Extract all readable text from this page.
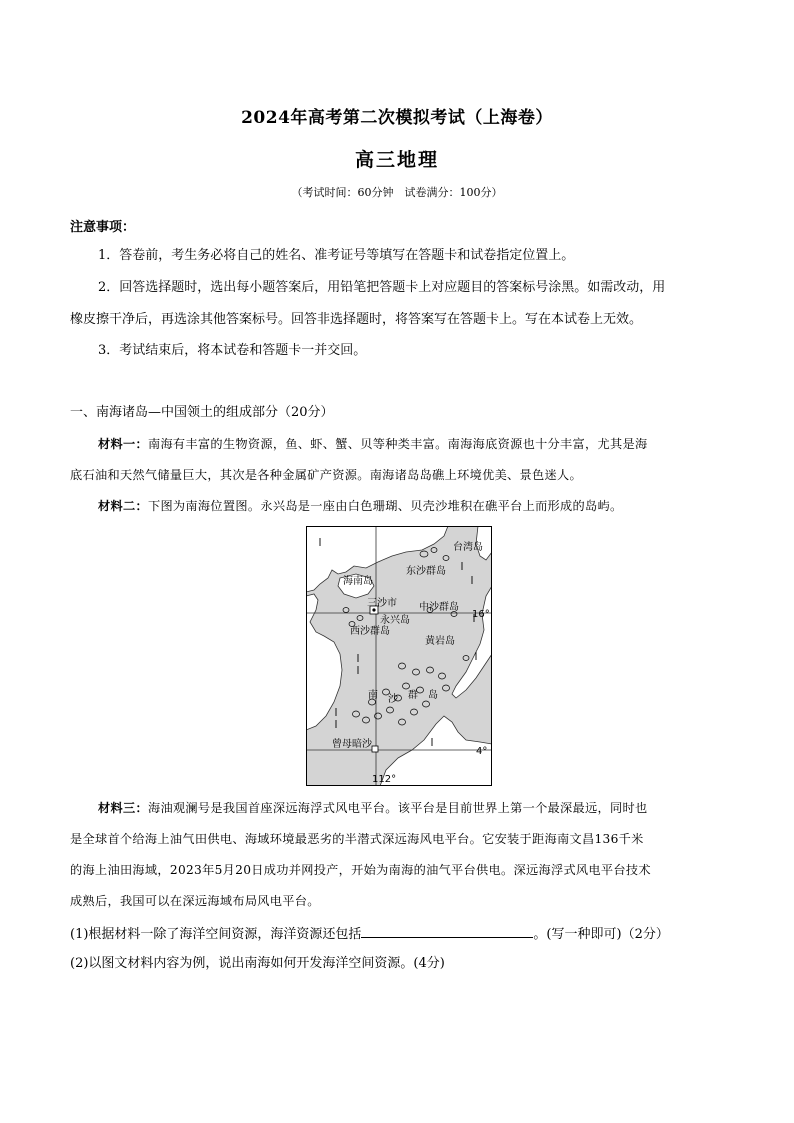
2024年高考第二次模拟考试（上海卷）
高三地理
（考试时间：60分钟　试卷满分：100分）
注意事项：
1．答卷前，考生务必将自己的姓名、准考证号等填写在答题卡和试卷指定位置上。
2．回答选择题时，选出每小题答案后，用铅笔把答题卡上对应题目的答案标号涂黑。如需改动，用
橡皮擦干净后，再选涂其他答案标号。回答非选择题时，将答案写在答题卡上。写在本试卷上无效。
3．考试结束后，将本试卷和答题卡一并交回。
一、南海诸岛—中国领土的组成部分（20分）
材料一：南海有丰富的生物资源，鱼、虾、蟹、贝等种类丰富。南海海底资源也十分丰富，尤其是海
底石油和天然气储量巨大，其次是各种金属矿产资源。南海诸岛岛礁上环境优美、景色迷人。
材料二：下图为南海位置图。永兴岛是一座由白色珊瑚、贝壳沙堆积在礁平台上而形成的岛屿。
台湾岛
东沙群岛
海南岛
三沙市 中沙群岛
16°
永兴岛
西沙群岛
黄岩岛
南 沙 群 岛
曾母暗沙
4°
112°
材料三：海油观澜号是我国首座深远海浮式风电平台。该平台是目前世界上第一个最深最远，同时也
是全球首个给海上油气田供电、海域环境最恶劣的半潜式深远海风电平台。它安装于距海南文昌136千米
的海上油田海域，2023年5月20日成功并网投产，开始为南海的油气平台供电。深远海浮式风电平台技术
成熟后，我国可以在深远海域布局风电平台。
(1)根据材料一除了海洋空间资源，海洋资源还包括	。(写一种即可)（2分）
(2)以图文材料内容为例，说出南海如何开发海洋空间资源。(4分)
